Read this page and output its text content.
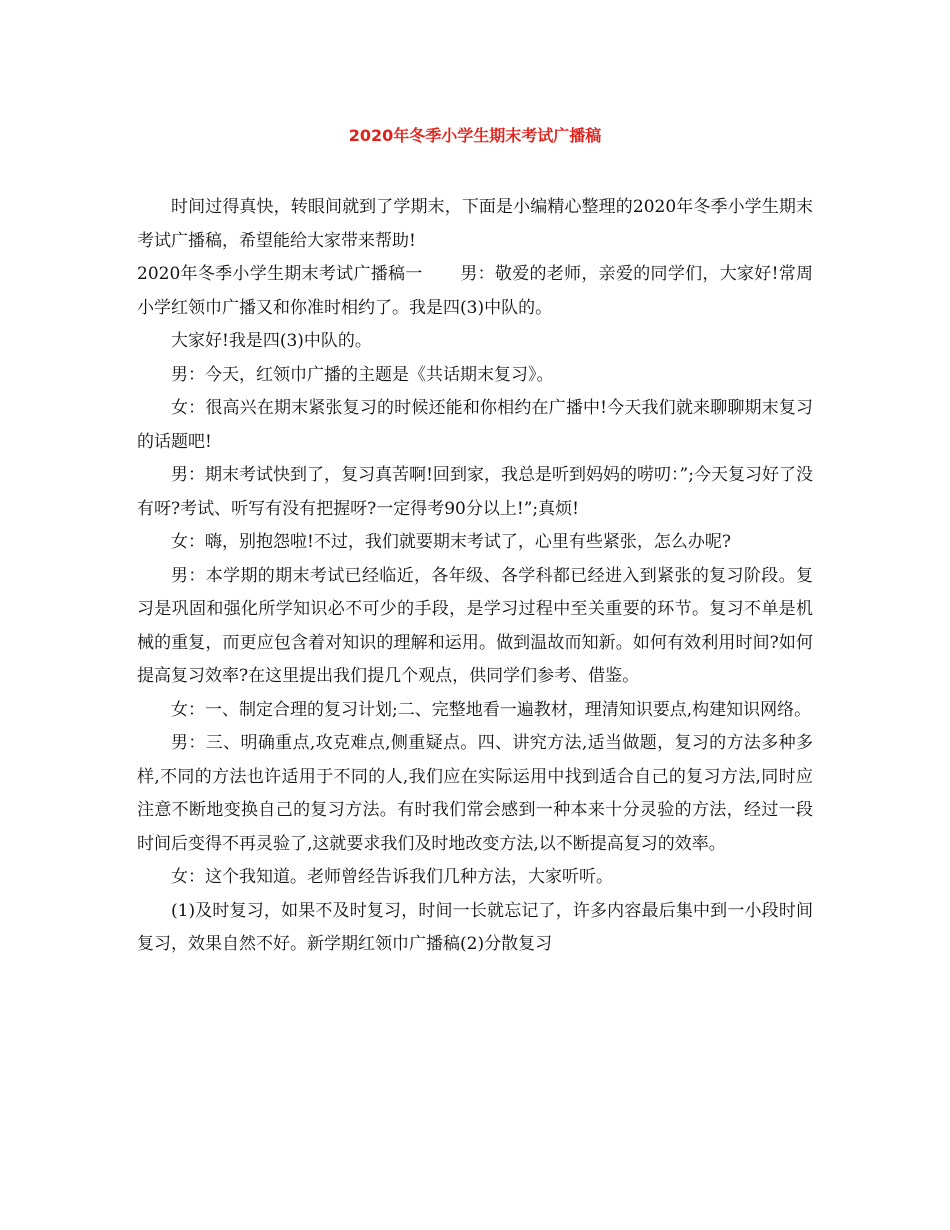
2020年冬季小学生期末考试广播稿

时间过得真快，转眼间就到了学期末，下面是小编精心整理的2020年冬季小学生期末考试广播稿，希望能给大家带来帮助!

2020年冬季小学生期末考试广播稿一 男：敬爱的老师，亲爱的同学们，大家好!常周小学红领巾广播又和你准时相约了。我是四(3)中队的。

大家好!我是四(3)中队的。

男：今天，红领巾广播的主题是《共话期末复习》。

女：很高兴在期末紧张复习的时候还能和你相约在广播中!今天我们就来聊聊期末复习的话题吧!

男：期末考试快到了，复习真苦啊!回到家，我总是听到妈妈的唠叨：”;今天复习好了没有呀?考试、听写有没有把握呀?一定得考90分以上!”;真烦!

女：嗨，别抱怨啦!不过，我们就要期末考试了，心里有些紧张，怎么办呢?

男：本学期的期末考试已经临近，各年级、各学科都已经进入到紧张的复习阶段。复习是巩固和强化所学知识必不可少的手段，是学习过程中至关重要的环节。复习不单是机械的重复，而更应包含着对知识的理解和运用。做到温故而知新。如何有效利用时间?如何提高复习效率?在这里提出我们提几个观点，供同学们参考、借鉴。

女：一、制定合理的复习计划;二、完整地看一遍教材，理清知识要点,构建知识网络。

男：三、明确重点,攻克难点,侧重疑点。四、讲究方法,适当做题，复习的方法多种多样,不同的方法也许适用于不同的人,我们应在实际运用中找到适合自己的复习方法,同时应注意不断地变换自己的复习方法。有时我们常会感到一种本来十分灵验的方法，经过一段时间后变得不再灵验了,这就要求我们及时地改变方法,以不断提高复习的效率。

女：这个我知道。老师曾经告诉我们几种方法，大家听听。

(1)及时复习，如果不及时复习，时间一长就忘记了，许多内容最后集中到一小段时间复习，效果自然不好。新学期红领巾广播稿(2)分散复习
